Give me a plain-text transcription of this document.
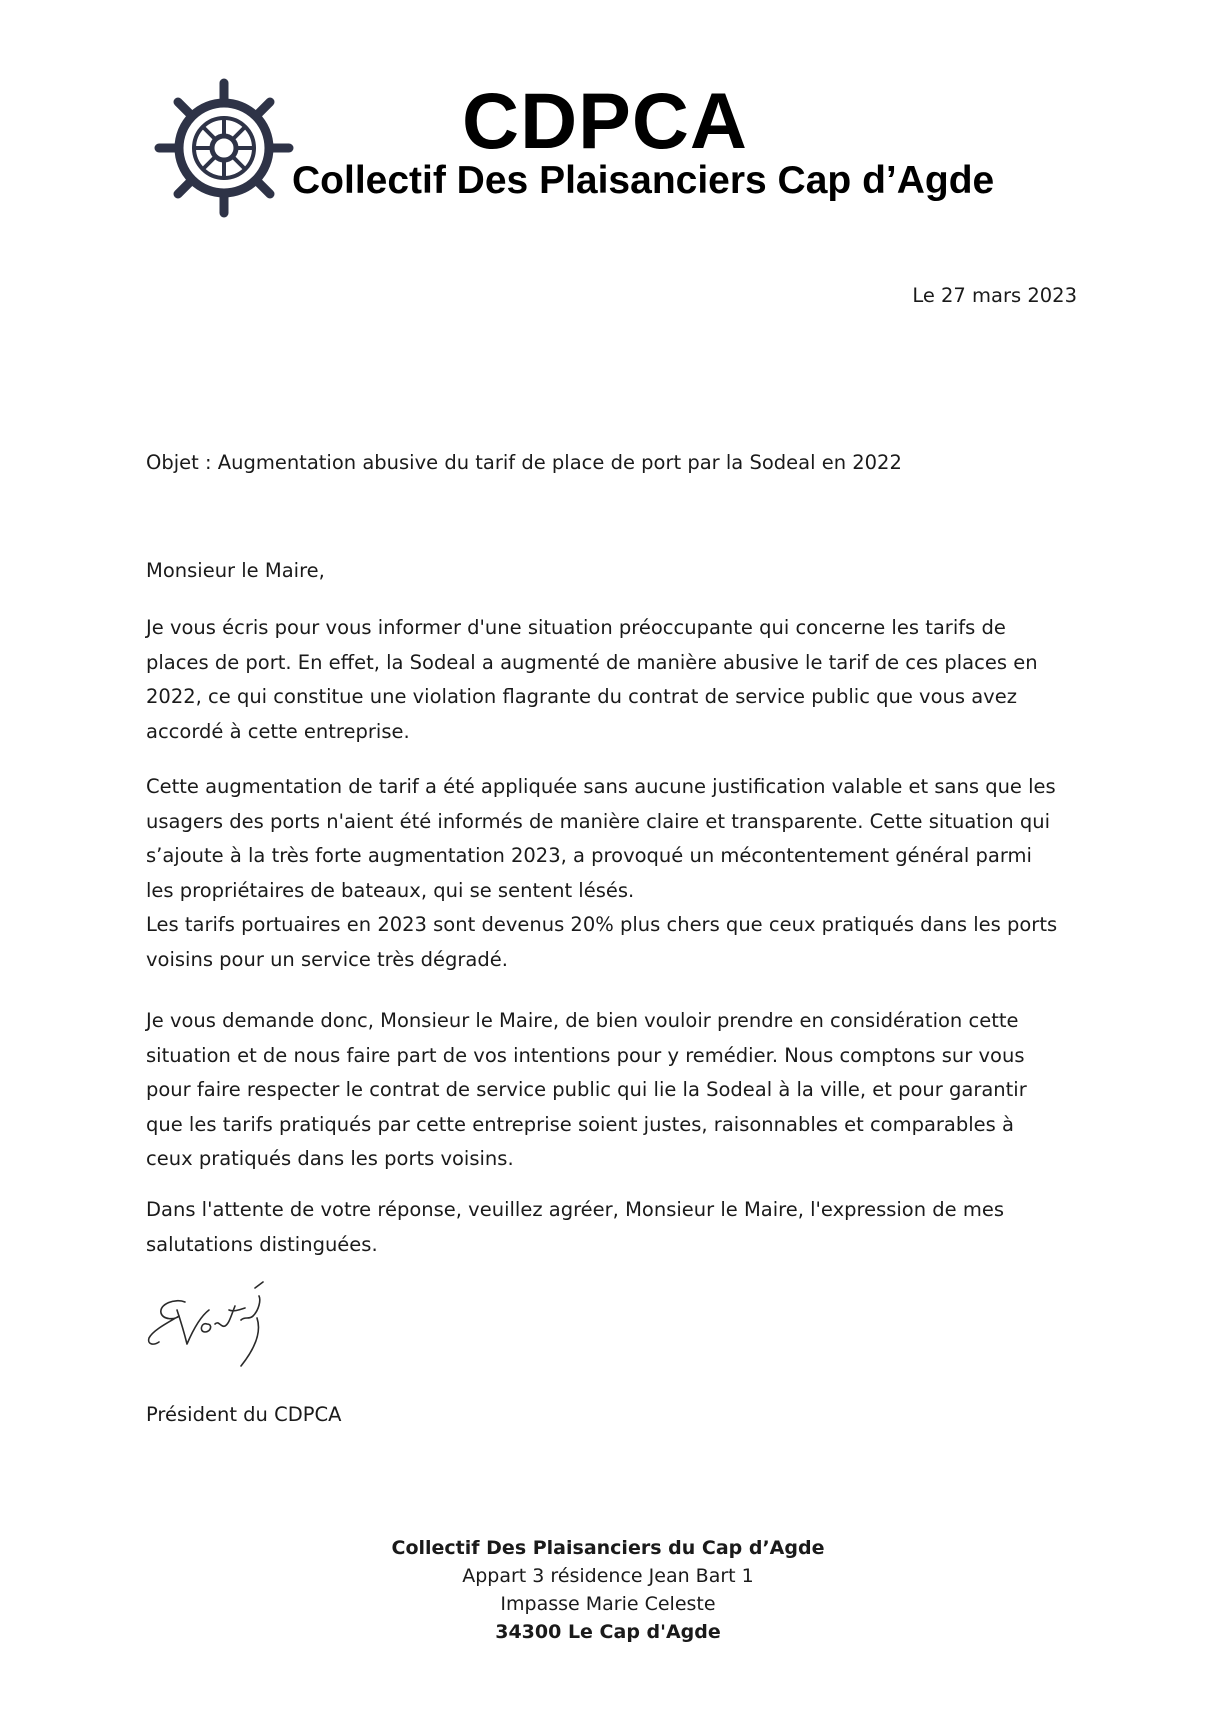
CDPCA
Collectif Des Plaisanciers Cap d’Agde
Le 27 mars 2023
Objet : Augmentation abusive du tarif de place de port par la Sodeal en 2022
Monsieur le Maire,

Je vous écris pour vous informer d'une situation préoccupante qui concerne les tarifs de
places de port. En effet, la Sodeal a augmenté de manière abusive le tarif de ces places en
2022, ce qui constitue une violation flagrante du contrat de service public que vous avez
accordé à cette entreprise.

Cette augmentation de tarif a été appliquée sans aucune justification valable et sans que les
usagers des ports n'aient été informés de manière claire et transparente. Cette situation qui
s’ajoute à la très forte augmentation 2023, a provoqué un mécontentement général parmi
les propriétaires de bateaux, qui se sentent lésés.
Les tarifs portuaires en 2023 sont devenus 20% plus chers que ceux pratiqués dans les ports
voisins pour un service très dégradé.

Je vous demande donc, Monsieur le Maire, de bien vouloir prendre en considération cette
situation et de nous faire part de vos intentions pour y remédier. Nous comptons sur vous
pour faire respecter le contrat de service public qui lie la Sodeal à la ville, et pour garantir
que les tarifs pratiqués par cette entreprise soient justes, raisonnables et comparables à
ceux pratiqués dans les ports voisins.

Dans l'attente de votre réponse, veuillez agréer, Monsieur le Maire, l'expression de mes
salutations distinguées.

Président du CDPCA
Collectif Des Plaisanciers du Cap d’Agde
Appart 3 résidence Jean Bart 1
Impasse Marie Celeste
34300 Le Cap d'Agde
